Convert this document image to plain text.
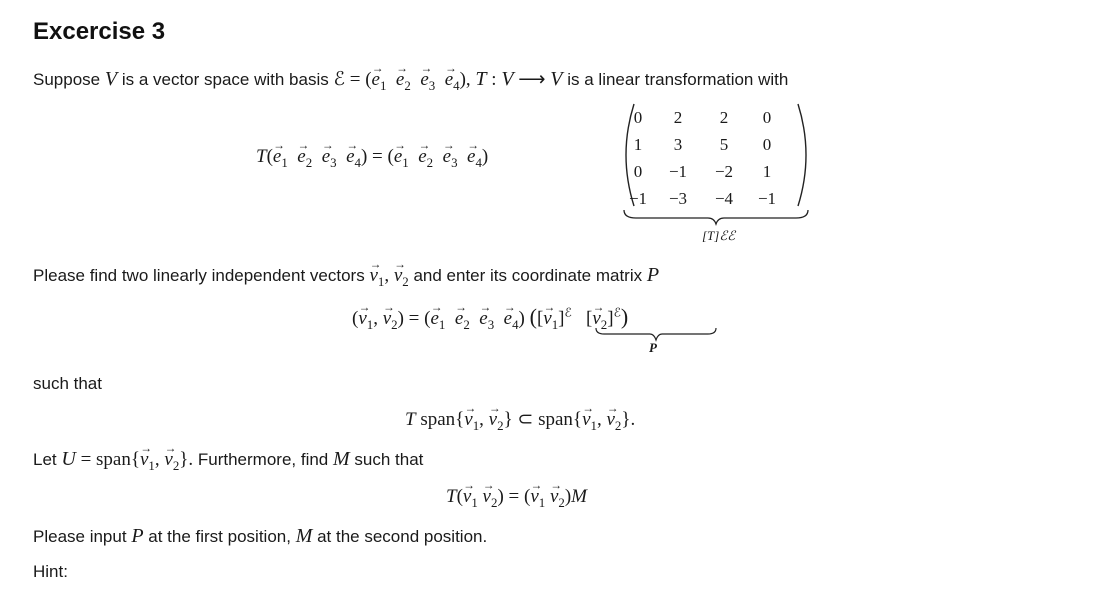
Excercise 3
Suppose V is a vector space with basis ℰ = (→ $e_1 \to e_2 \to e_3 \to e_4$), T : V ⟶ V is a linear transformation with
$T(\to e_1 \to e_2 \to e_3 \to e_4)$ = (→ $e_1 \to e_2 \to e_3 \to e_4$)
0	2	2	0
1	3	5	0
0	−1	−2	1
−1	−3	−4	−1
[T]ℰℰ
Please find two linearly independent vectors → $v_1$, → $v_2$ and enter its coordinate matrix P
(→ $v_1$, → $v_2$) = (→ $e_1 \to e_2 \to e_3 \to e_4$) ([→ $v_1]^ℰ$   [→ $v_2]^ℰ$)
P
such that
T span{→ $v_1$, → $v_2$} ⊂ span{→ $v_1$, → $v_2$}.
Let U = span{→ $v_1$, → $v_2$}. Furthermore, find M such that
$T(\to v_1 \to v_2)$ = (→ $v_1 \to v_2)M$
Please input P at the first position, M at the second position.
Hint:
